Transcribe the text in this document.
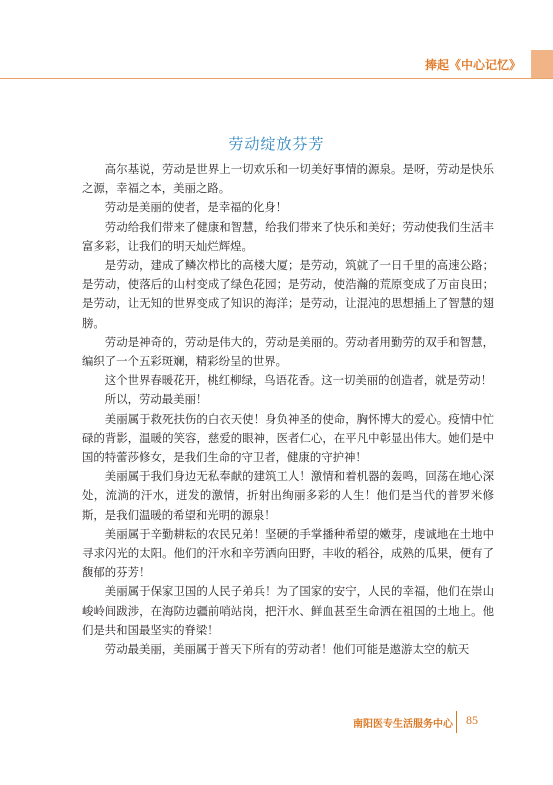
捧起《中心记忆》
劳动绽放芬芳

高尔基说，劳动是世界上一切欢乐和一切美好事情的源泉。是呀，劳动是快乐之源，幸福之本，美丽之路。

劳动是美丽的使者，是幸福的化身！

劳动给我们带来了健康和智慧，给我们带来了快乐和美好；劳动使我们生活丰富多彩，让我们的明天灿烂辉煌。

是劳动，建成了鳞次栉比的高楼大厦；是劳动，筑就了一日千里的高速公路；是劳动，使落后的山村变成了绿色花园；是劳动，使浩瀚的荒原变成了万亩良田；是劳动，让无知的世界变成了知识的海洋；是劳动，让混沌的思想插上了智慧的翅膀。

劳动是神奇的，劳动是伟大的，劳动是美丽的。劳动者用勤劳的双手和智慧，编织了一个五彩斑斓，精彩纷呈的世界。

这个世界春暖花开，桃红柳绿，鸟语花香。这一切美丽的创造者，就是劳动！

所以，劳动最美丽！

美丽属于救死扶伤的白衣天使！身负神圣的使命，胸怀博大的爱心。疫情中忙碌的背影，温暖的笑容，慈爱的眼神，医者仁心，在平凡中彰显出伟大。她们是中国的特蕾莎修女，是我们生命的守卫者，健康的守护神！

美丽属于我们身边无私奉献的建筑工人！激情和着机器的轰鸣，回荡在地心深处，流淌的汗水，迸发的激情，折射出绚丽多彩的人生！他们是当代的普罗米修斯，是我们温暖的希望和光明的源泉！

美丽属于辛勤耕耘的农民兄弟！坚硬的手掌播种希望的嫩芽，虔诚地在土地中寻求闪光的太阳。他们的汗水和辛劳洒向田野，丰收的稻谷，成熟的瓜果，便有了馥郁的芬芳！

美丽属于保家卫国的人民子弟兵！为了国家的安宁，人民的幸福，他们在崇山峻岭间跋涉，在海防边疆前哨站岗，把汗水、鲜血甚至生命洒在祖国的土地上。他们是共和国最坚实的脊梁！

劳动最美丽，美丽属于普天下所有的劳动者！他们可能是遨游太空的航天

南阳医专生活服务中心 85
